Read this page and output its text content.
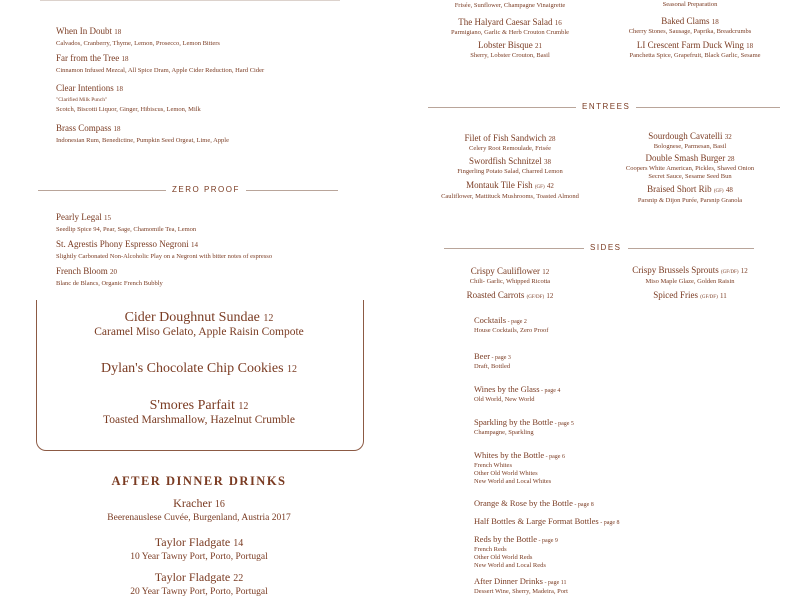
When In Doubt 18
Calvados, Cranberry, Thyme, Lemon, Prosecco, Lemon Bitters
Far from the Tree 18
Cinnamon Infused Mezcal, All Spice Dram, Apple Cider Reduction, Hard Cider
Clear Intentions 18
"Clarified Milk Punch"
Scotch, Biscotti Liquor, Ginger, Hibiscus, Lemon, Milk
Brass Compass 18
Indonesian Rum, Benedictine, Pumpkin Seed Orgeat, Lime, Apple
ZERO PROOF
Pearly Legal 15
Seedlip Spice 94, Pear, Sage, Chamomile Tea, Lemon
St. Agrestis Phony Espresso Negroni 14
Slightly Carbonated Non-Alcoholic Play on a Negroni with bitter notes of espresso
French Bloom 20
Blanc de Blancs, Organic French Bubbly
Cider Doughnut Sundae 12
Caramel Miso Gelato, Apple Raisin Compote
Dylan's Chocolate Chip Cookies 12
S'mores Parfait 12
Toasted Marshmallow, Hazelnut Crumble
AFTER DINNER DRINKS
Kracher 16
Beerenauslese Cuvée, Burgenland, Austria 2017
Taylor Fladgate 14
10 Year Tawny Port, Porto, Portugal
Taylor Fladgate 22
20 Year Tawny Port, Porto, Portugal
Frisée, Sunflower, Champagne Vinaigrette	Seasonal Preparation
The Halyard Caesar Salad 16
Parmigiano, Garlic & Herb Crouton Crumble
Lobster Bisque 21
Sherry, Lobster Crouton, Basil
Baked Clams 18
Cherry Stones, Sausage, Paprika, Breadcrumbs
LI Crescent Farm Duck Wing 18
Panchetta Spice, Grapefruit, Black Garlic, Sesame
ENTREES
Filet of Fish Sandwich 28
Celery Root Remoulade, Frisée
Swordfish Schnitzel 38
Fingerling Potato Salad, Charred Lemon
Montauk Tile Fish (GF) 42
Cauliflower, Mattituck Mushrooms, Toasted Almond
Sourdough Cavatelli 32
Bolognese, Parmesan, Basil
Double Smash Burger 28
Coopers White American, Pickles, Shaved Onion
Secret Sauce, Sesame Seed Bun
Braised Short Rib (GF) 48
Parsnip & Dijon Purée, Parsnip Granola
SIDES
Crispy Cauliflower 12
Chili- Garlic, Whipped Ricotta
Roasted Carrots (GF/DF) 12
Crispy Brussels Sprouts (GF/DF) 12
Miso Maple Glaze, Golden Raisin
Spiced Fries (GF/DF) 11
Cocktails - page 2
House Cocktails, Zero Proof
Beer - page 3
Draft, Bottled
Wines by the Glass - page 4
Old World, New World
Sparkling by the Bottle - page 5
Champagne, Sparkling
Whites by the Bottle - page 6
French Whites
Other Old World Whites
New World and Local Whites
Orange & Rose by the Bottle - page 8
Half Bottles & Large Format Bottles - page 8
Reds by the Bottle - page 9
French Reds
Other Old World Reds
New World and Local Reds
After Dinner Drinks - page 11
Dessert Wine, Sherry, Madeira, Port
